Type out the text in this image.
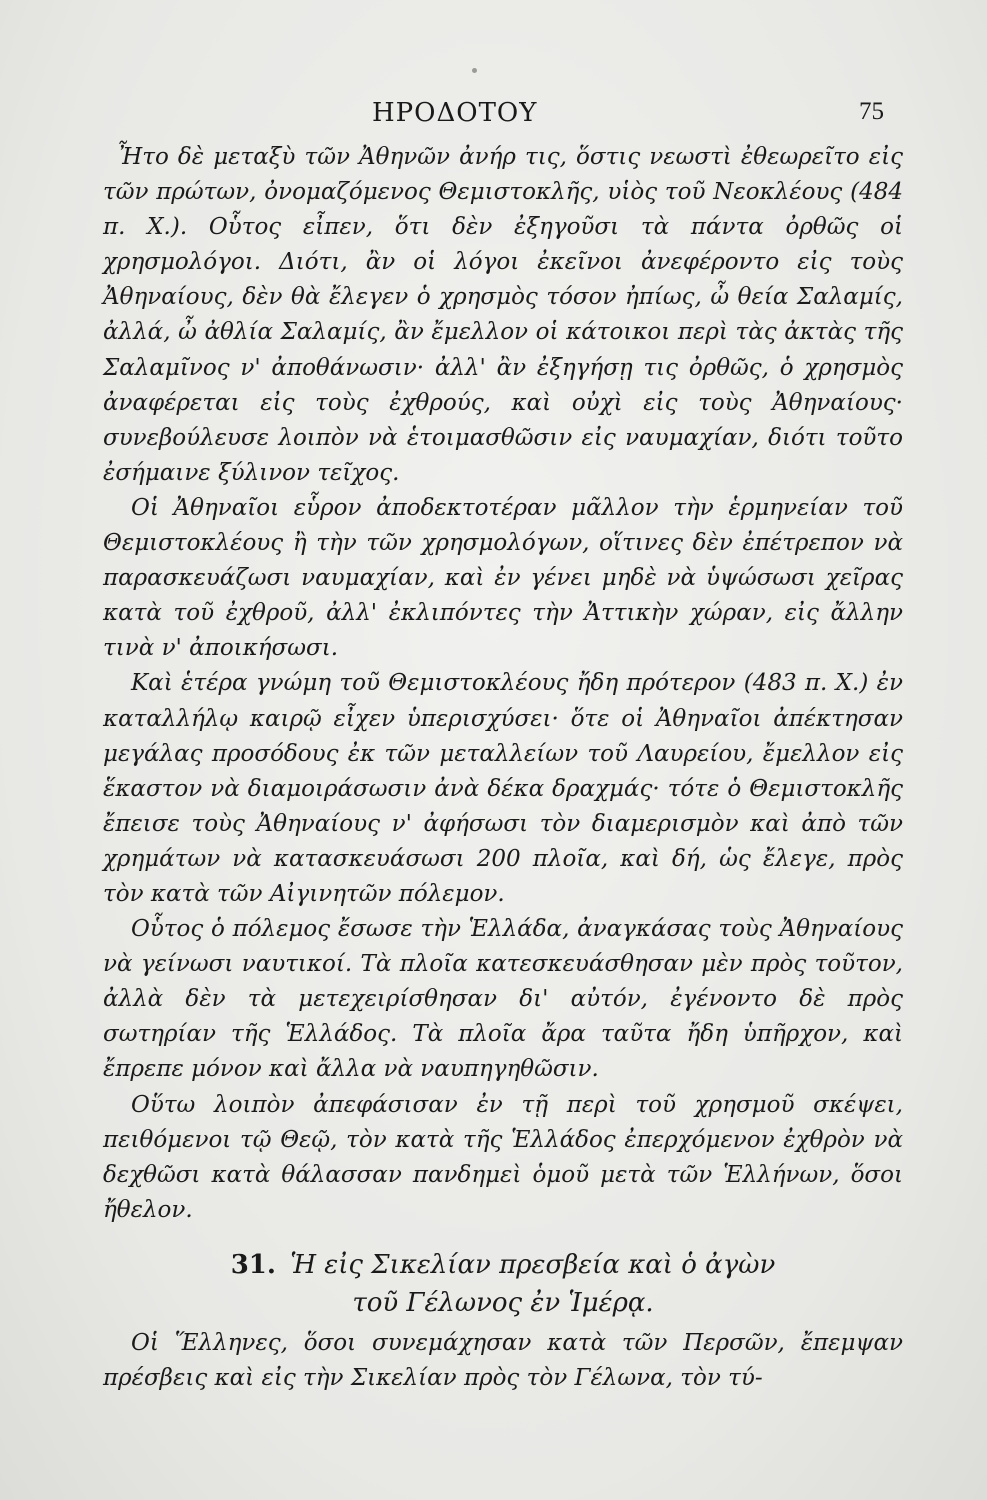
ΗΡΟΔΟΤΟΥ	75

Ἦτο δὲ μεταξὺ τῶν Ἀθηνῶν ἀνήρ τις, ὅστις νεωστὶ ἐθεωρεῖτο εἰς τῶν πρώτων, ὀνομαζόμενος Θεμιστοκλῆς, υἱὸς τοῦ Νεοκλέους (484 π. Χ.). Οὗτος εἶπεν, ὅτι δὲν ἐξηγοῦσι τὰ πάντα ὀρθῶς οἱ χρησμολόγοι. Διότι, ἂν οἱ λόγοι ἐκεῖνοι ἀνεφέροντο εἰς τοὺς Ἀθηναίους, δὲν θὰ ἔλεγεν ὁ χρησμὸς τόσον ἠπίως, ὦ θεία Σαλαμίς, ἀλλά, ὦ ἀθλία Σαλαμίς, ἂν ἔμελλον οἱ κάτοικοι περὶ τὰς ἀκτὰς τῆς Σαλαμῖνος ν' ἀποθάνωσιν· ἀλλ' ἂν ἐξηγήσῃ τις ὀρθῶς, ὁ χρησμὸς ἀναφέρεται εἰς τοὺς ἐχθρούς, καὶ οὐχὶ εἰς τοὺς Ἀθηναίους· συνεβούλευσε λοιπὸν νὰ ἑτοιμασθῶσιν εἰς ναυμαχίαν, διότι τοῦτο ἐσήμαινε ξύλινον τεῖχος.

Οἱ Ἀθηναῖοι εὗρον ἀποδεκτοτέραν μᾶλλον τὴν ἑρμηνείαν τοῦ Θεμιστοκλέους ἢ τὴν τῶν χρησμολόγων, οἵτινες δὲν ἐπέτρεπον νὰ παρασκευάζωσι ναυμαχίαν, καὶ ἐν γένει μηδὲ νὰ ὑψώσωσι χεῖρας κατὰ τοῦ ἐχθροῦ, ἀλλ' ἐκλιπόντες τὴν Ἀττικὴν χώραν, εἰς ἄλλην τινὰ ν' ἀποικήσωσι.

Καὶ ἑτέρα γνώμη τοῦ Θεμιστοκλέους ἤδη πρότερον (483 π. Χ.) ἐν καταλλήλῳ καιρῷ εἶχεν ὑπερισχύσει· ὅτε οἱ Ἀθηναῖοι ἀπέκτησαν μεγάλας προσόδους ἐκ τῶν μεταλλείων τοῦ Λαυρείου, ἔμελλον εἰς ἕκαστον νὰ διαμοιράσωσιν ἀνὰ δέκα δραχμάς· τότε ὁ Θεμιστοκλῆς ἔπεισε τοὺς Ἀθηναίους ν' ἀφήσωσι τὸν διαμερισμὸν καὶ ἀπὸ τῶν χρημάτων νὰ κατασκευάσωσι 200 πλοῖα, καὶ δή, ὡς ἔλεγε, πρὸς τὸν κατὰ τῶν Αἰγινητῶν πόλεμον.

Οὗτος ὁ πόλεμος ἔσωσε τὴν Ἑλλάδα, ἀναγκάσας τοὺς Ἀθηναίους νὰ γείνωσι ναυτικοί. Τὰ πλοῖα κατεσκευάσθησαν μὲν πρὸς τοῦτον, ἀλλὰ δὲν τὰ μετεχειρίσθησαν δι' αὐτόν, ἐγένοντο δὲ πρὸς σωτηρίαν τῆς Ἑλλάδος. Τὰ πλοῖα ἄρα ταῦτα ἤδη ὑπῆρχον, καὶ ἔπρεπε μόνον καὶ ἄλλα νὰ ναυπηγηθῶσιν.

Οὕτω λοιπὸν ἀπεφάσισαν ἐν τῇ περὶ τοῦ χρησμοῦ σκέψει, πειθόμενοι τῷ Θεῷ, τὸν κατὰ τῆς Ἑλλάδος ἐπερχόμενον ἐχθρὸν νὰ δεχθῶσι κατὰ θάλασσαν πανδημεὶ ὁμοῦ μετὰ τῶν Ἑλλήνων, ὅσοι ἤθελον.

31. Ἡ εἰς Σικελίαν πρεσβεία καὶ ὁ ἀγὼν
τοῦ Γέλωνος ἐν Ἱμέρᾳ.

Οἱ Ἕλληνες, ὅσοι συνεμάχησαν κατὰ τῶν Περσῶν, ἔπεμψαν πρέσβεις καὶ εἰς τὴν Σικελίαν πρὸς τὸν Γέλωνα, τὸν τύ-
